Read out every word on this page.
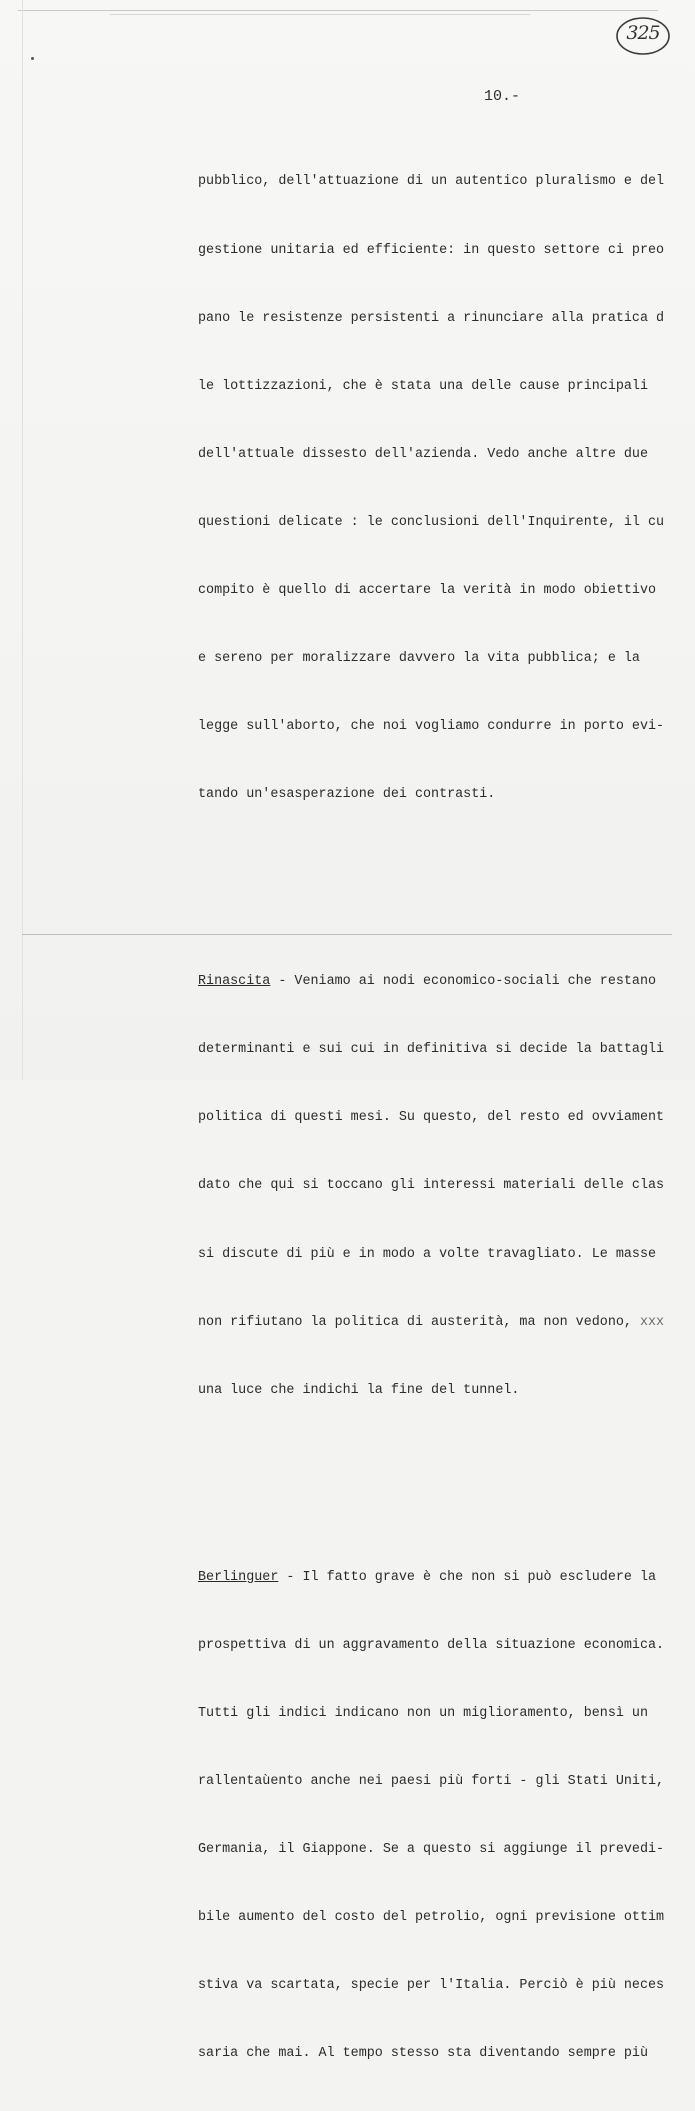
325
10.-

pubblico, dell'attuazione di un autentico pluralismo e del

gestione unitaria ed efficiente: in questo settore ci preo

pano le resistenze persistenti a rinunciare alla pratica d

le lottizzazioni, che è stata una delle cause principali

dell'attuale dissesto dell'azienda. Vedo anche altre due

questioni delicate : le conclusioni dell'Inquirente, il cu

compito è quello di accertare la verità in modo obiettivo

e sereno per moralizzare davvero la vita pubblica; e la

legge sull'aborto, che noi vogliamo condurre in porto evi-

tando un'esasperazione dei contrasti.

Rinascita - Veniamo ai nodi economico-sociali che restano

determinanti e sui cui in definitiva si decide la battagli

politica di questi mesi. Su questo, del resto ed ovviament

dato che qui si toccano gli interessi materiali delle clas

si discute di più e in modo a volte travagliato. Le masse

non rifiutano la politica di austerità, ma non vedono, xxx

una luce che indichi la fine del tunnel.

Berlinguer - Il fatto grave è che non si può escludere la

prospettiva di un aggravamento della situazione economica.

Tutti gli indici indicano non un miglioramento, bensì un

rallentaùento anche nei paesi più forti - gli Stati Uniti,

Germania, il Giappone. Se a questo si aggiunge il prevedi-

bile aumento del costo del petrolio, ogni previsione ottim

stiva va scartata, specie per l'Italia. Perciò è più neces

saria che mai. Al tempo stesso sta diventando sempre più
